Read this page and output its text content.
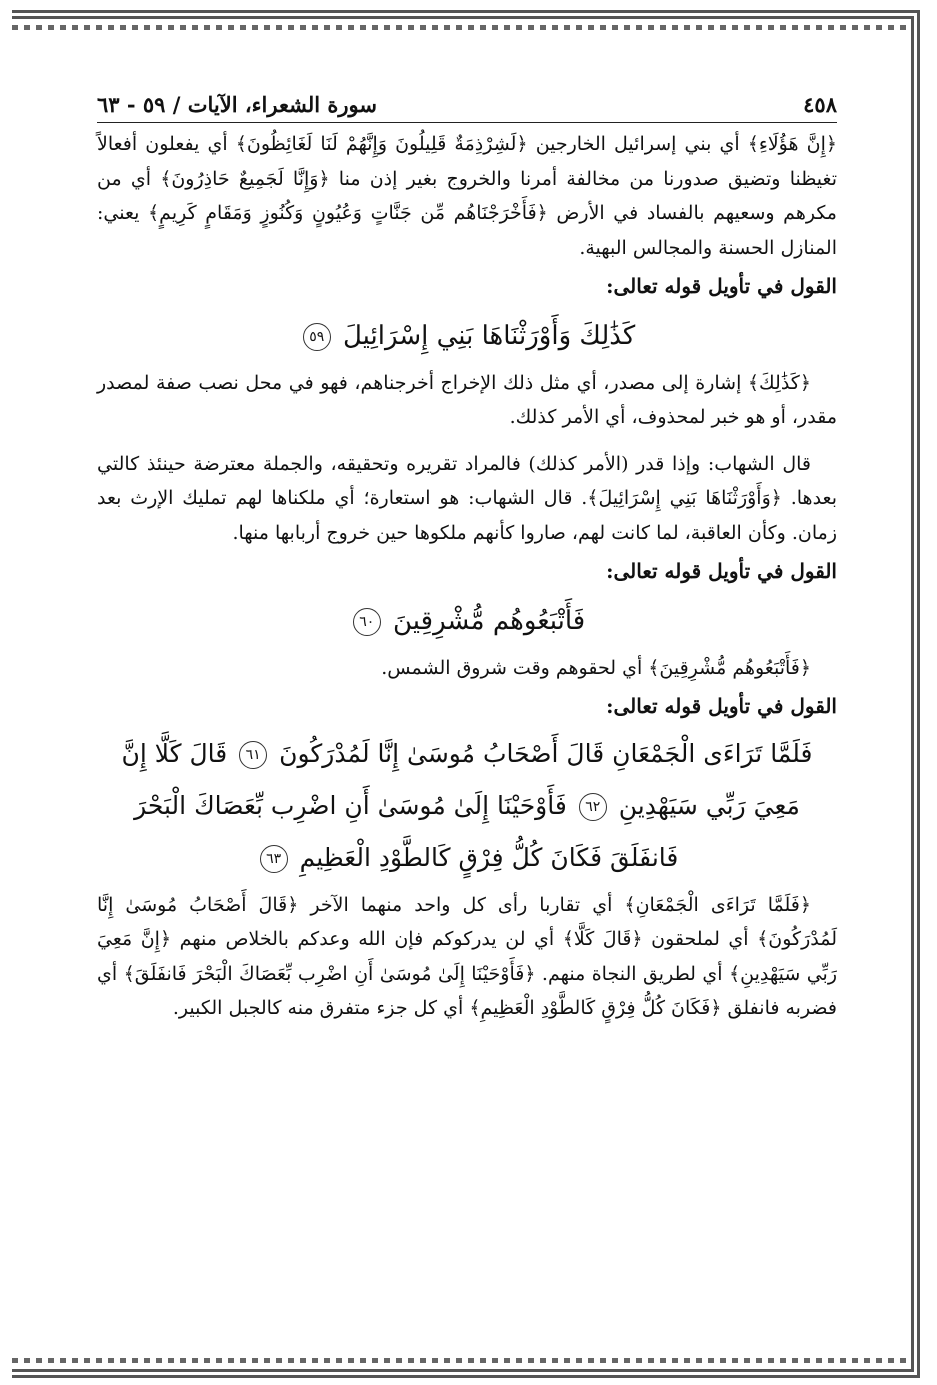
٤٥٨
سورة الشعراء، الآيات / ٥٩ - ٦٣

﴿إِنَّ هَؤُلَاءِ﴾ أي بني إسرائيل الخارجين ﴿لَشِرْذِمَةٌ قَلِيلُونَ وَإِنَّهُمْ لَنَا لَغَائِظُونَ﴾ أي يفعلون أفعالاً تغيظنا وتضيق صدورنا من مخالفة أمرنا والخروج بغير إذن منا ﴿وَإِنَّا لَجَمِيعٌ حَاذِرُونَ﴾ أي من مكرهم وسعيهم بالفساد في الأرض ﴿فَأَخْرَجْنَاهُم مِّن جَنَّاتٍ وَعُيُونٍ وَكُنُوزٍ وَمَقَامٍ كَرِيمٍ﴾ يعني: المنازل الحسنة والمجالس البهية.

القول في تأويل قوله تعالى:

كَذَٰلِكَ وَأَوْرَثْنَاهَا بَنِي إِسْرَائِيلَ ٥٩

﴿كَذَٰلِكَ﴾ إشارة إلى مصدر، أي مثل ذلك الإخراج أخرجناهم، فهو في محل نصب صفة لمصدر مقدر، أو هو خبر لمحذوف، أي الأمر كذلك.

قال الشهاب: وإذا قدر (الأمر كذلك) فالمراد تقريره وتحقيقه، والجملة معترضة حينئذ كالتي بعدها. ﴿وَأَوْرَثْنَاهَا بَنِي إِسْرَائِيلَ﴾. قال الشهاب: هو استعارة؛ أي ملكناها لهم تمليك الإرث بعد زمان. وكأن العاقبة، لما كانت لهم، صاروا كأنهم ملكوها حين خروج أربابها منها.

القول في تأويل قوله تعالى:

فَأَتْبَعُوهُم مُّشْرِقِينَ ٦٠

﴿فَأَتْبَعُوهُم مُّشْرِقِينَ﴾ أي لحقوهم وقت شروق الشمس.

القول في تأويل قوله تعالى:

فَلَمَّا تَرَاءَى الْجَمْعَانِ قَالَ أَصْحَابُ مُوسَىٰ إِنَّا لَمُدْرَكُونَ ٦١ قَالَ كَلَّا إِنَّ مَعِيَ رَبِّي سَيَهْدِينِ ٦٢ فَأَوْحَيْنَا إِلَىٰ مُوسَىٰ أَنِ اضْرِب بِّعَصَاكَ الْبَحْرَ فَانفَلَقَ فَكَانَ كُلُّ فِرْقٍ كَالطَّوْدِ الْعَظِيمِ ٦٣

﴿فَلَمَّا تَرَاءَى الْجَمْعَانِ﴾ أي تقاربا رأى كل واحد منهما الآخر ﴿قَالَ أَصْحَابُ مُوسَىٰ إِنَّا لَمُدْرَكُونَ﴾ أي لملحقون ﴿قَالَ كَلَّا﴾ أي لن يدركوكم فإن الله وعدكم بالخلاص منهم ﴿إِنَّ مَعِيَ رَبِّي سَيَهْدِينِ﴾ أي لطريق النجاة منهم. ﴿فَأَوْحَيْنَا إِلَىٰ مُوسَىٰ أَنِ اضْرِب بِّعَصَاكَ الْبَحْرَ فَانفَلَقَ﴾ أي فضربه فانفلق ﴿فَكَانَ كُلُّ فِرْقٍ كَالطَّوْدِ الْعَظِيمِ﴾ أي كل جزء متفرق منه كالجبل الكبير.
